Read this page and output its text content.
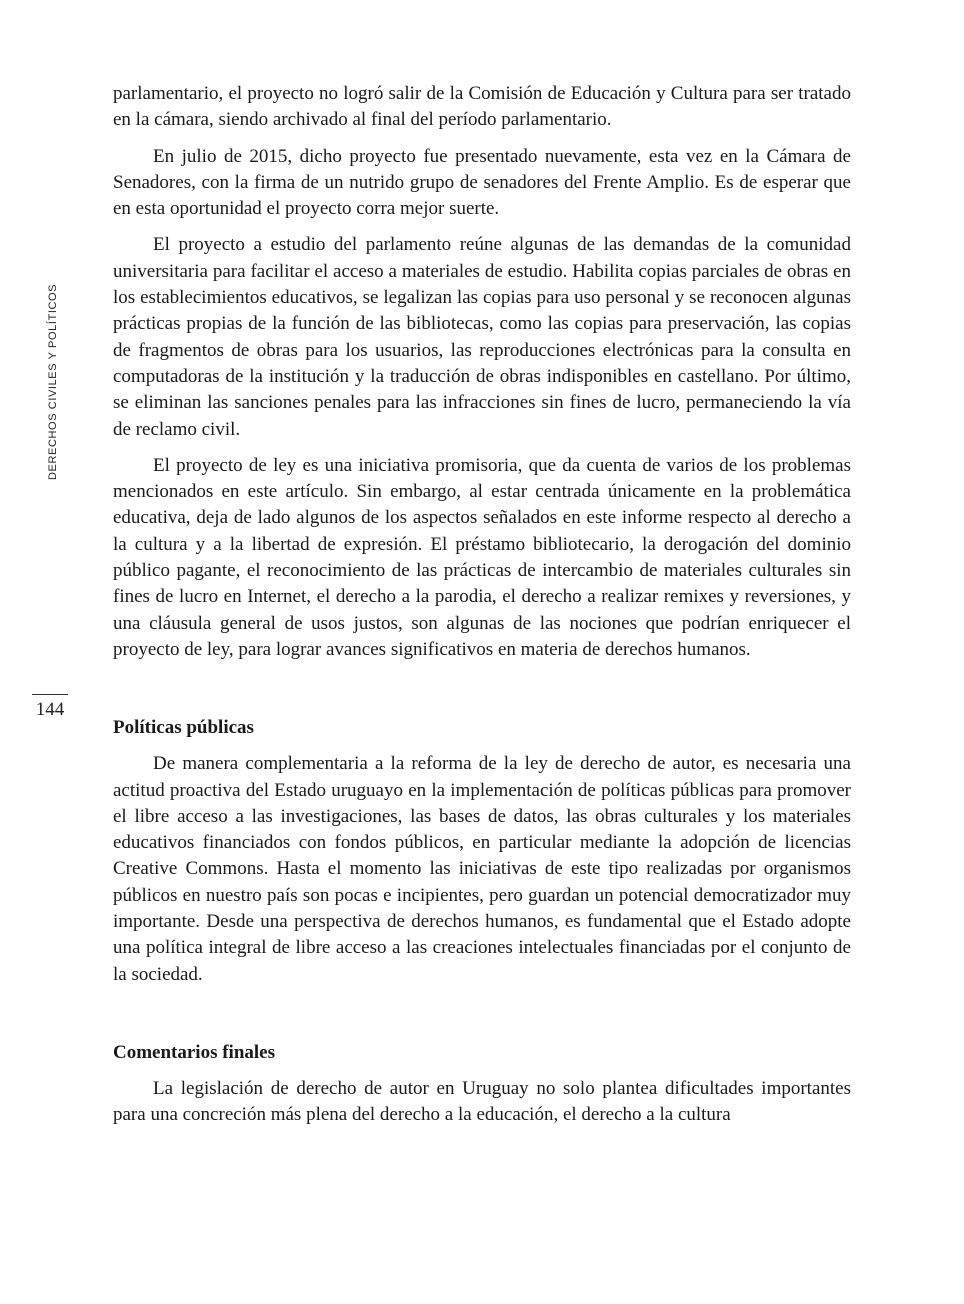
DERECHOS CIVILES Y POLÍTICOS
144

parlamentario, el proyecto no logró salir de la Comisión de Educación y Cultura para ser tratado en la cámara, siendo archivado al final del período parlamentario.

En julio de 2015, dicho proyecto fue presentado nuevamente, esta vez en la Cámara de Senadores, con la firma de un nutrido grupo de senadores del Frente Amplio. Es de esperar que en esta oportunidad el proyecto corra mejor suerte.

El proyecto a estudio del parlamento reúne algunas de las demandas de la comunidad universitaria para facilitar el acceso a materiales de estudio. Habilita copias parciales de obras en los establecimientos educativos, se legalizan las copias para uso personal y se reconocen algunas prácticas propias de la función de las bibliotecas, como las copias para preservación, las copias de fragmentos de obras para los usuarios, las reproducciones electrónicas para la consulta en computadoras de la institución y la traducción de obras indisponibles en castellano. Por último, se eliminan las sanciones penales para las infracciones sin fines de lucro, permaneciendo la vía de reclamo civil.

El proyecto de ley es una iniciativa promisoria, que da cuenta de varios de los problemas mencionados en este artículo. Sin embargo, al estar centrada únicamente en la problemática educativa, deja de lado algunos de los aspectos señalados en este informe respecto al derecho a la cultura y a la libertad de expresión. El préstamo bibliotecario, la derogación del dominio público pagante, el reconocimiento de las prácticas de intercambio de materiales culturales sin fines de lucro en Internet, el derecho a la parodia, el derecho a realizar remixes y reversiones, y una cláusula general de usos justos, son algunas de las nociones que podrían enriquecer el proyecto de ley, para lograr avances significativos en materia de derechos humanos.

Políticas públicas

De manera complementaria a la reforma de la ley de derecho de autor, es necesaria una actitud proactiva del Estado uruguayo en la implementación de políticas públicas para promover el libre acceso a las investigaciones, las bases de datos, las obras culturales y los materiales educativos financiados con fondos públicos, en particular mediante la adopción de licencias Creative Commons. Hasta el momento las iniciativas de este tipo realizadas por organismos públicos en nuestro país son pocas e incipientes, pero guardan un potencial democratizador muy importante. Desde una perspectiva de derechos humanos, es fundamental que el Estado adopte una política integral de libre acceso a las creaciones intelectuales financiadas por el conjunto de la sociedad.

Comentarios finales

La legislación de derecho de autor en Uruguay no solo plantea dificultades importantes para una concreción más plena del derecho a la educación, el derecho a la cultura
